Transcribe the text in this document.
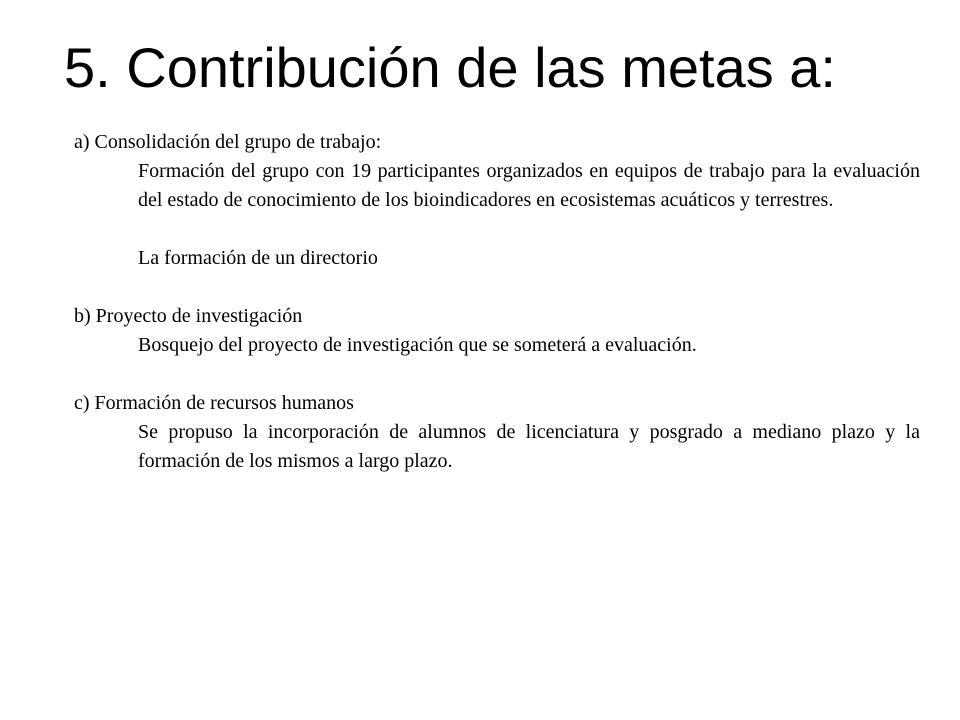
5. Contribución de las metas a:

a) Consolidación del grupo de trabajo:

Formación del grupo con 19 participantes organizados en equipos de trabajo para la evaluación del estado de conocimiento de los bioindicadores en ecosistemas acuáticos y terrestres.

La formación de un directorio

b) Proyecto de investigación

Bosquejo del proyecto de investigación que se someterá a evaluación.

c) Formación de recursos humanos

Se propuso la incorporación de alumnos de licenciatura y posgrado a mediano plazo y la formación de los mismos a largo plazo.
